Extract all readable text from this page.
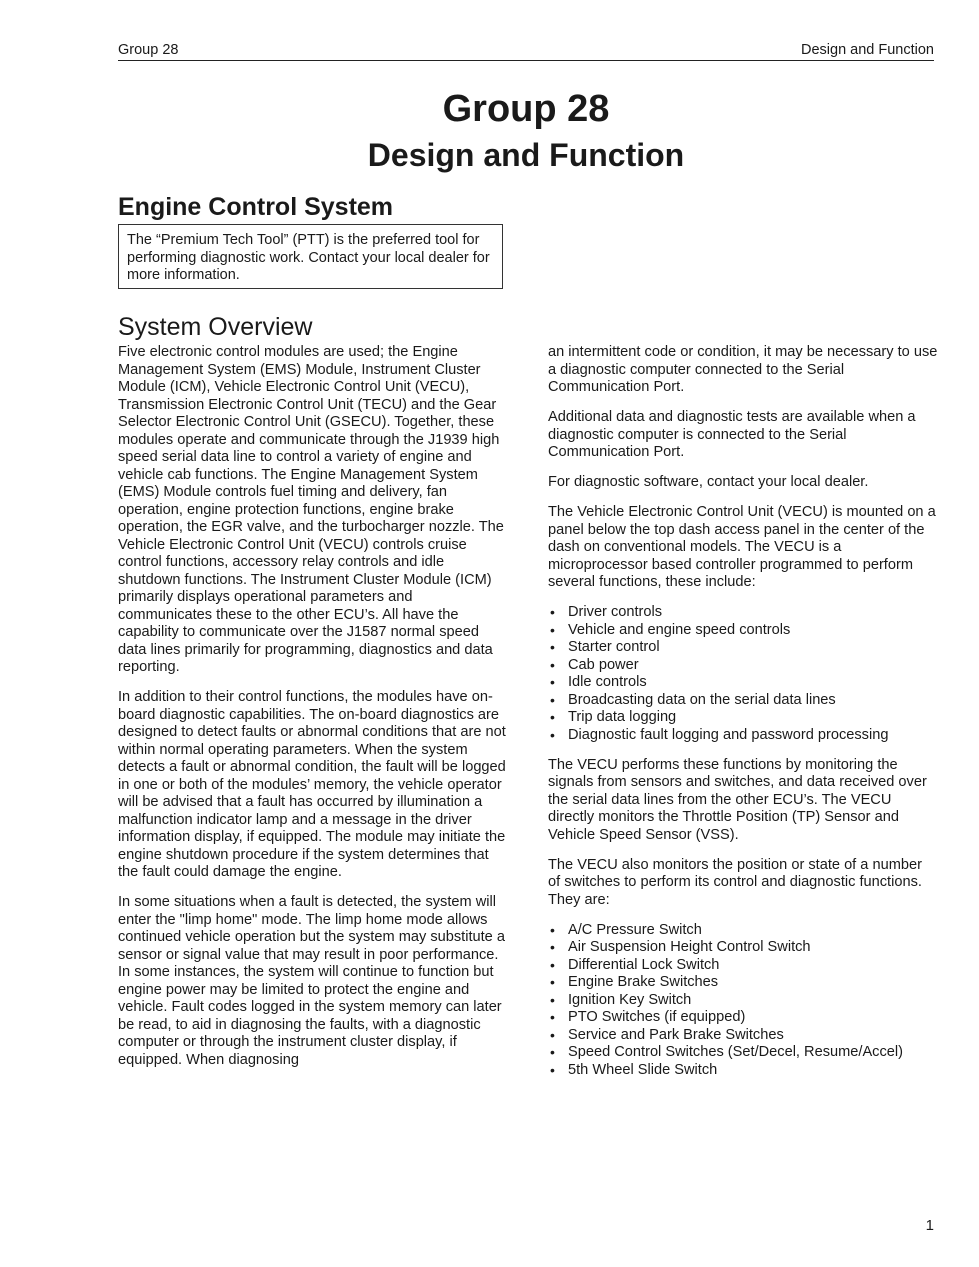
Group 28	Design and Function
Group 28
Design and Function
Engine Control System
The “Premium Tech Tool” (PTT) is the preferred tool for performing diagnostic work. Contact your local dealer for more information.
System Overview

Five electronic control modules are used; the Engine Management System (EMS) Module, Instrument Cluster Module (ICM), Vehicle Electronic Control Unit (VECU), Transmission Electronic Control Unit (TECU) and the Gear Selector Electronic Control Unit (GSECU). Together, these modules operate and communicate through the J1939 high speed serial data line to control a variety of engine and vehicle cab functions. The Engine Management System (EMS) Module controls fuel timing and delivery, fan operation, engine protection functions, engine brake operation, the EGR valve, and the turbocharger nozzle. The Vehicle Electronic Control Unit (VECU) controls cruise control functions, accessory relay controls and idle shutdown functions. The Instrument Cluster Module (ICM) primarily displays operational parameters and communicates these to the other ECU’s. All have the capability to communicate over the J1587 normal speed data lines primarily for programming, diagnostics and data reporting.

In addition to their control functions, the modules have on-board diagnostic capabilities. The on-board diagnostics are designed to detect faults or abnormal conditions that are not within normal operating parameters. When the system detects a fault or abnormal condition, the fault will be logged in one or both of the modules’ memory, the vehicle operator will be advised that a fault has occurred by illumination a malfunction indicator lamp and a message in the driver information display, if equipped. The module may initiate the engine shutdown procedure if the system determines that the fault could damage the engine.

In some situations when a fault is detected, the system will enter the "limp home" mode. The limp home mode allows continued vehicle operation but the system may substitute a sensor or signal value that may result in poor performance. In some instances, the system will continue to function but engine power may be limited to protect the engine and vehicle. Fault codes logged in the system memory can later be read, to aid in diagnosing the faults, with a diagnostic computer or through the instrument cluster display, if equipped. When diagnosing

an intermittent code or condition, it may be necessary to use a diagnostic computer connected to the Serial Communication Port.

Additional data and diagnostic tests are available when a diagnostic computer is connected to the Serial Communication Port.

For diagnostic software, contact your local dealer.

The Vehicle Electronic Control Unit (VECU) is mounted on a panel below the top dash access panel in the center of the dash on conventional models. The VECU is a microprocessor based controller programmed to perform several functions, these include:

• Driver controls
• Vehicle and engine speed controls
• Starter control
• Cab power
• Idle controls
• Broadcasting data on the serial data lines
• Trip data logging
• Diagnostic fault logging and password processing

The VECU performs these functions by monitoring the signals from sensors and switches, and data received over the serial data lines from the other ECU’s. The VECU directly monitors the Throttle Position (TP) Sensor and Vehicle Speed Sensor (VSS).

The VECU also monitors the position or state of a number of switches to perform its control and diagnostic functions. They are:

• A/C Pressure Switch
• Air Suspension Height Control Switch
• Differential Lock Switch
• Engine Brake Switches
• Ignition Key Switch
• PTO Switches (if equipped)
• Service and Park Brake Switches
• Speed Control Switches (Set/Decel, Resume/Accel)
• 5th Wheel Slide Switch
1
